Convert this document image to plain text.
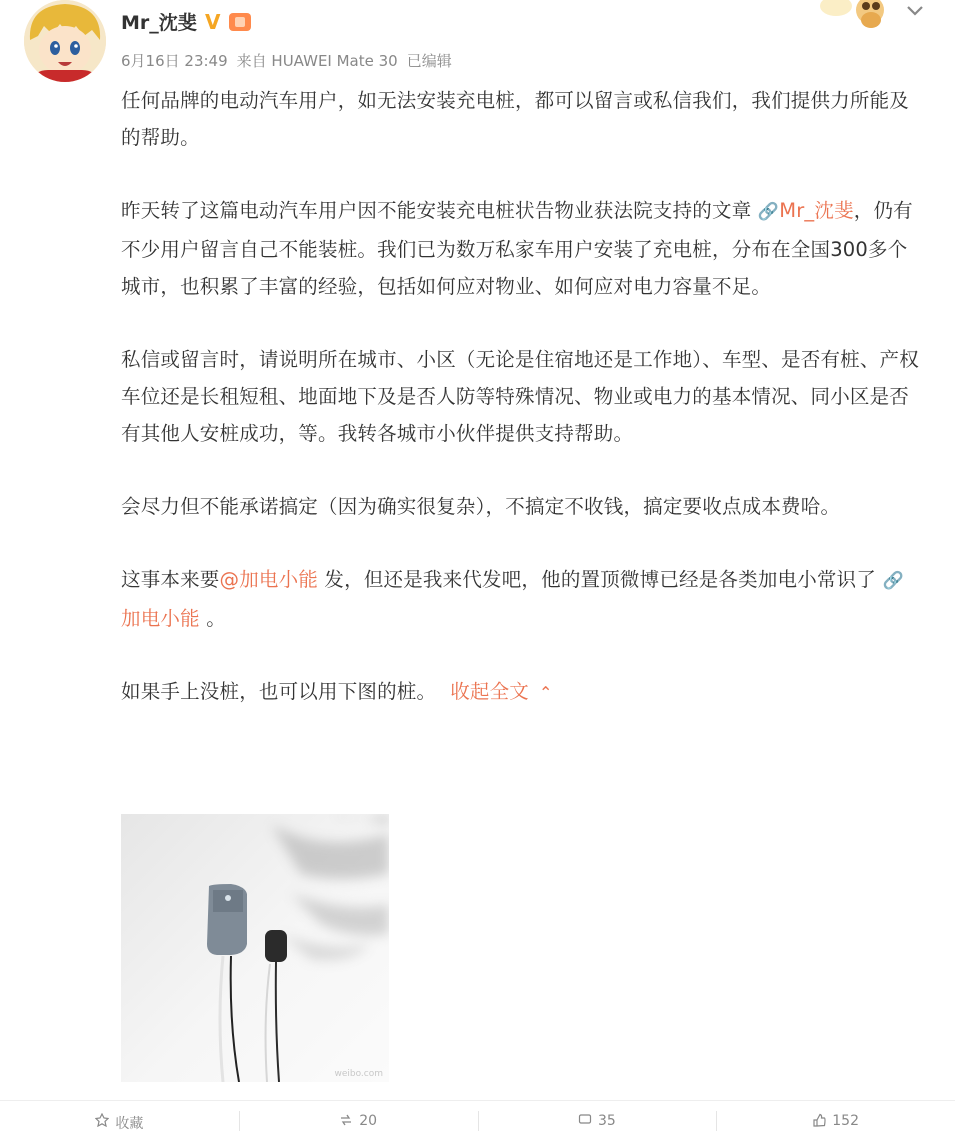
Mr_沈斐 V
6月16日 23:49 来自 HUAWEI Mate 30 已编辑

任何品牌的电动汽车用户，如无法安装充电桩，都可以留言或私信我们，我们提供力所能及的帮助。

昨天转了这篇电动汽车用户因不能安装充电桩状告物业获法院支持的文章 🔗Mr_沈斐，仍有不少用户留言自己不能装桩。我们已为数万私家车用户安装了充电桩，分布在全国300多个城市，也积累了丰富的经验，包括如何应对物业、如何应对电力容量不足。

私信或留言时，请说明所在城市、小区（无论是住宿地还是工作地）、车型、是否有桩、产权车位还是长租短租、地面地下及是否人防等特殊情况、物业或电力的基本情况、同小区是否有其他人安桩成功，等。我转各城市小伙伴提供支持帮助。

会尽力但不能承诺搞定（因为确实很复杂），不搞定不收钱，搞定要收点成本费哈。

这事本来要@加电小能 发，但还是我来代发吧，他的置顶微博已经是各类加电小常识了 🔗加电小能 。

如果手上没桩，也可以用下图的桩。 收起全文 ⌃

weibo.com
收藏	20	35	152
